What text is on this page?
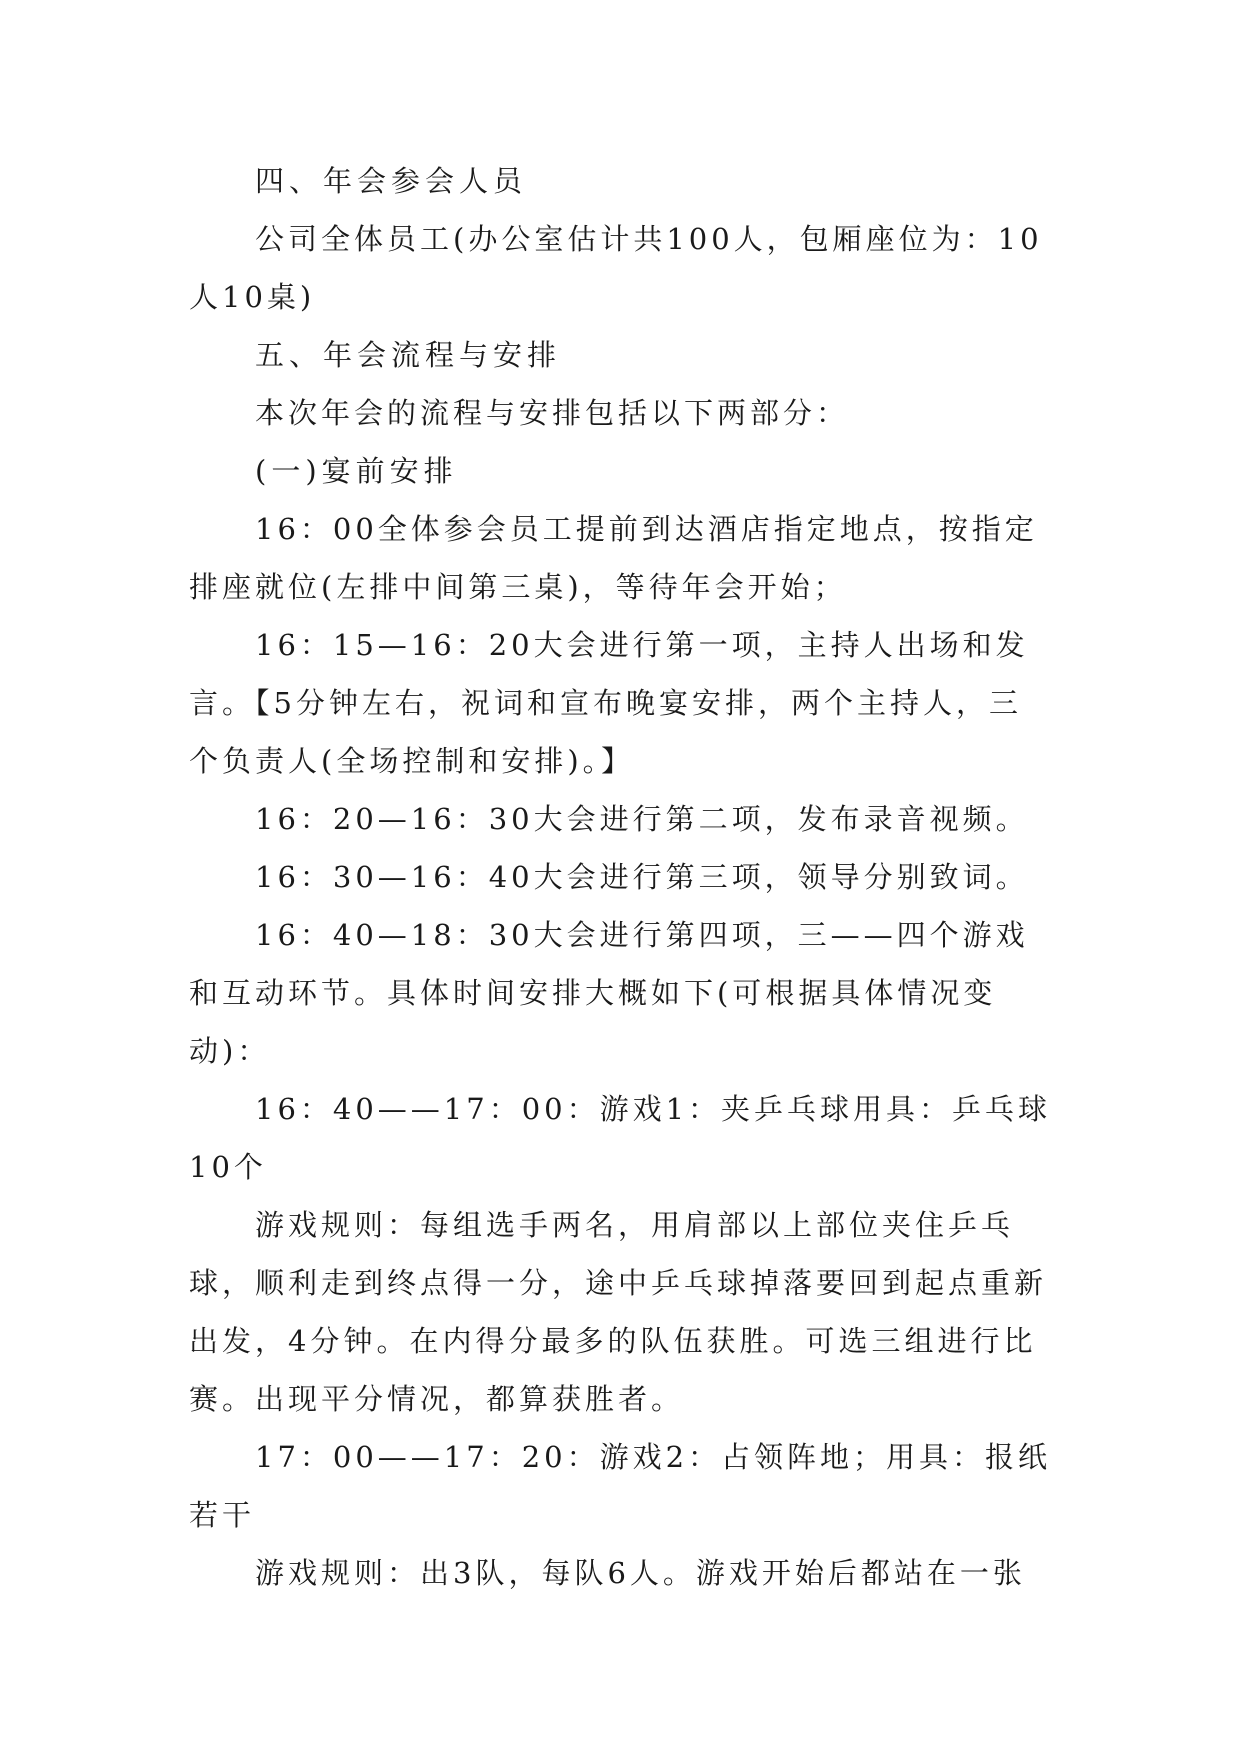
四、年会参会人员

公司全体员工(办公室估计共100人，包厢座位为：10人10桌)

五、年会流程与安排

本次年会的流程与安排包括以下两部分：

(一)宴前安排

16：00全体参会员工提前到达酒店指定地点，按指定排座就位(左排中间第三桌)，等待年会开始；

16：15—16：20大会进行第一项，主持人出场和发言。【5分钟左右，祝词和宣布晚宴安排，两个主持人，三个负责人(全场控制和安排)。】

16：20—16：30大会进行第二项，发布录音视频。

16：30—16：40大会进行第三项，领导分别致词。

16：40—18：30大会进行第四项，三——四个游戏和互动环节。具体时间安排大概如下(可根据具体情况变动)：

16：40——17：00：游戏1：夹乒乓球用具：乒乓球10个

游戏规则：每组选手两名，用肩部以上部位夹住乒乓球，顺利走到终点得一分，途中乒乓球掉落要回到起点重新出发，4分钟。在内得分最多的队伍获胜。可选三组进行比赛。出现平分情况，都算获胜者。

17：00——17：20：游戏2：占领阵地；用具：报纸若干

游戏规则：出3队，每队6人。游戏开始后都站在一张
